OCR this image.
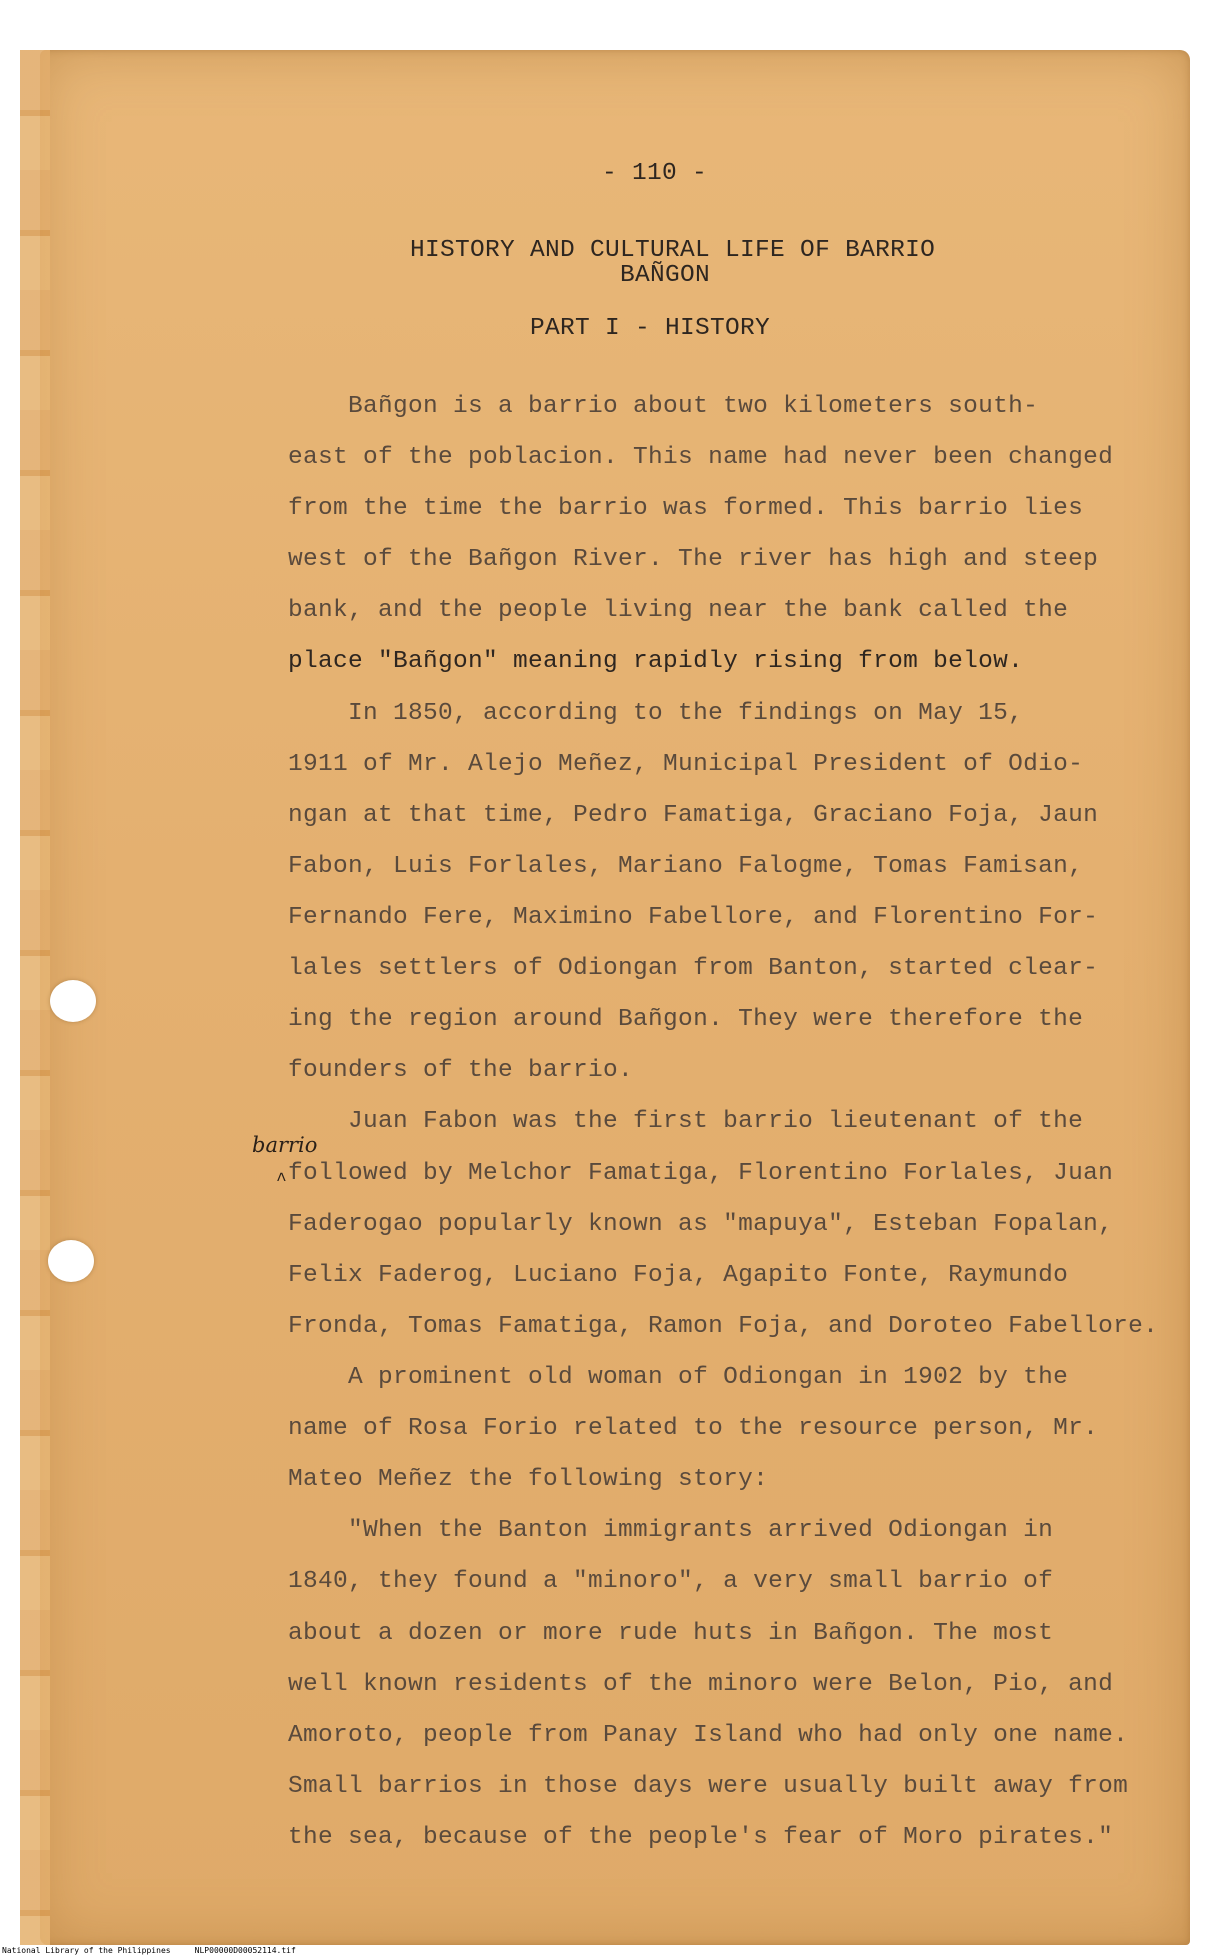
- 110 -
HISTORY AND CULTURAL LIFE OF BARRIO
BAÑGON
PART I - HISTORY
Bañgon is a barrio about two kilometers south-
east of the poblacion. This name had never been changed
from the time the barrio was formed. This barrio lies
west of the Bañgon River. The river has high and steep
bank, and the people living near the bank called the
place "Bañgon" meaning rapidly rising from below.
In 1850, according to the findings on May 15,
1911 of Mr. Alejo Meñez, Municipal President of Odio-
ngan at that time, Pedro Famatiga, Graciano Foja, Jaun
Fabon, Luis Forlales, Mariano Falogme, Tomas Famisan,
Fernando Fere, Maximino Fabellore, and Florentino For-
lales settlers of Odiongan from Banton, started clear-
ing the region around Bañgon. They were therefore the
founders of the barrio.
Juan Fabon was the first barrio lieutenant of the
followed by Melchor Famatiga, Florentino Forlales, Juan
Faderogao popularly known as "mapuya", Esteban Fopalan,
Felix Faderog, Luciano Foja, Agapito Fonte, Raymundo
Fronda, Tomas Famatiga, Ramon Foja, and Doroteo Fabellore.
A prominent old woman of Odiongan in 1902 by the
name of Rosa Forio related to the resource person, Mr.
Mateo Meñez the following story:
"When the Banton immigrants arrived Odiongan in
1840, they found a "minoro", a very small barrio of
about a dozen or more rude huts in Bañgon. The most
well known residents of the minoro were Belon, Pio, and
Amoroto, people from Panay Island who had only one name.
Small barrios in those days were usually built away from
the sea, because of the people's fear of Moro pirates."
barrio
^
National Library of the Philippines	NLP00000D00052114.tif
